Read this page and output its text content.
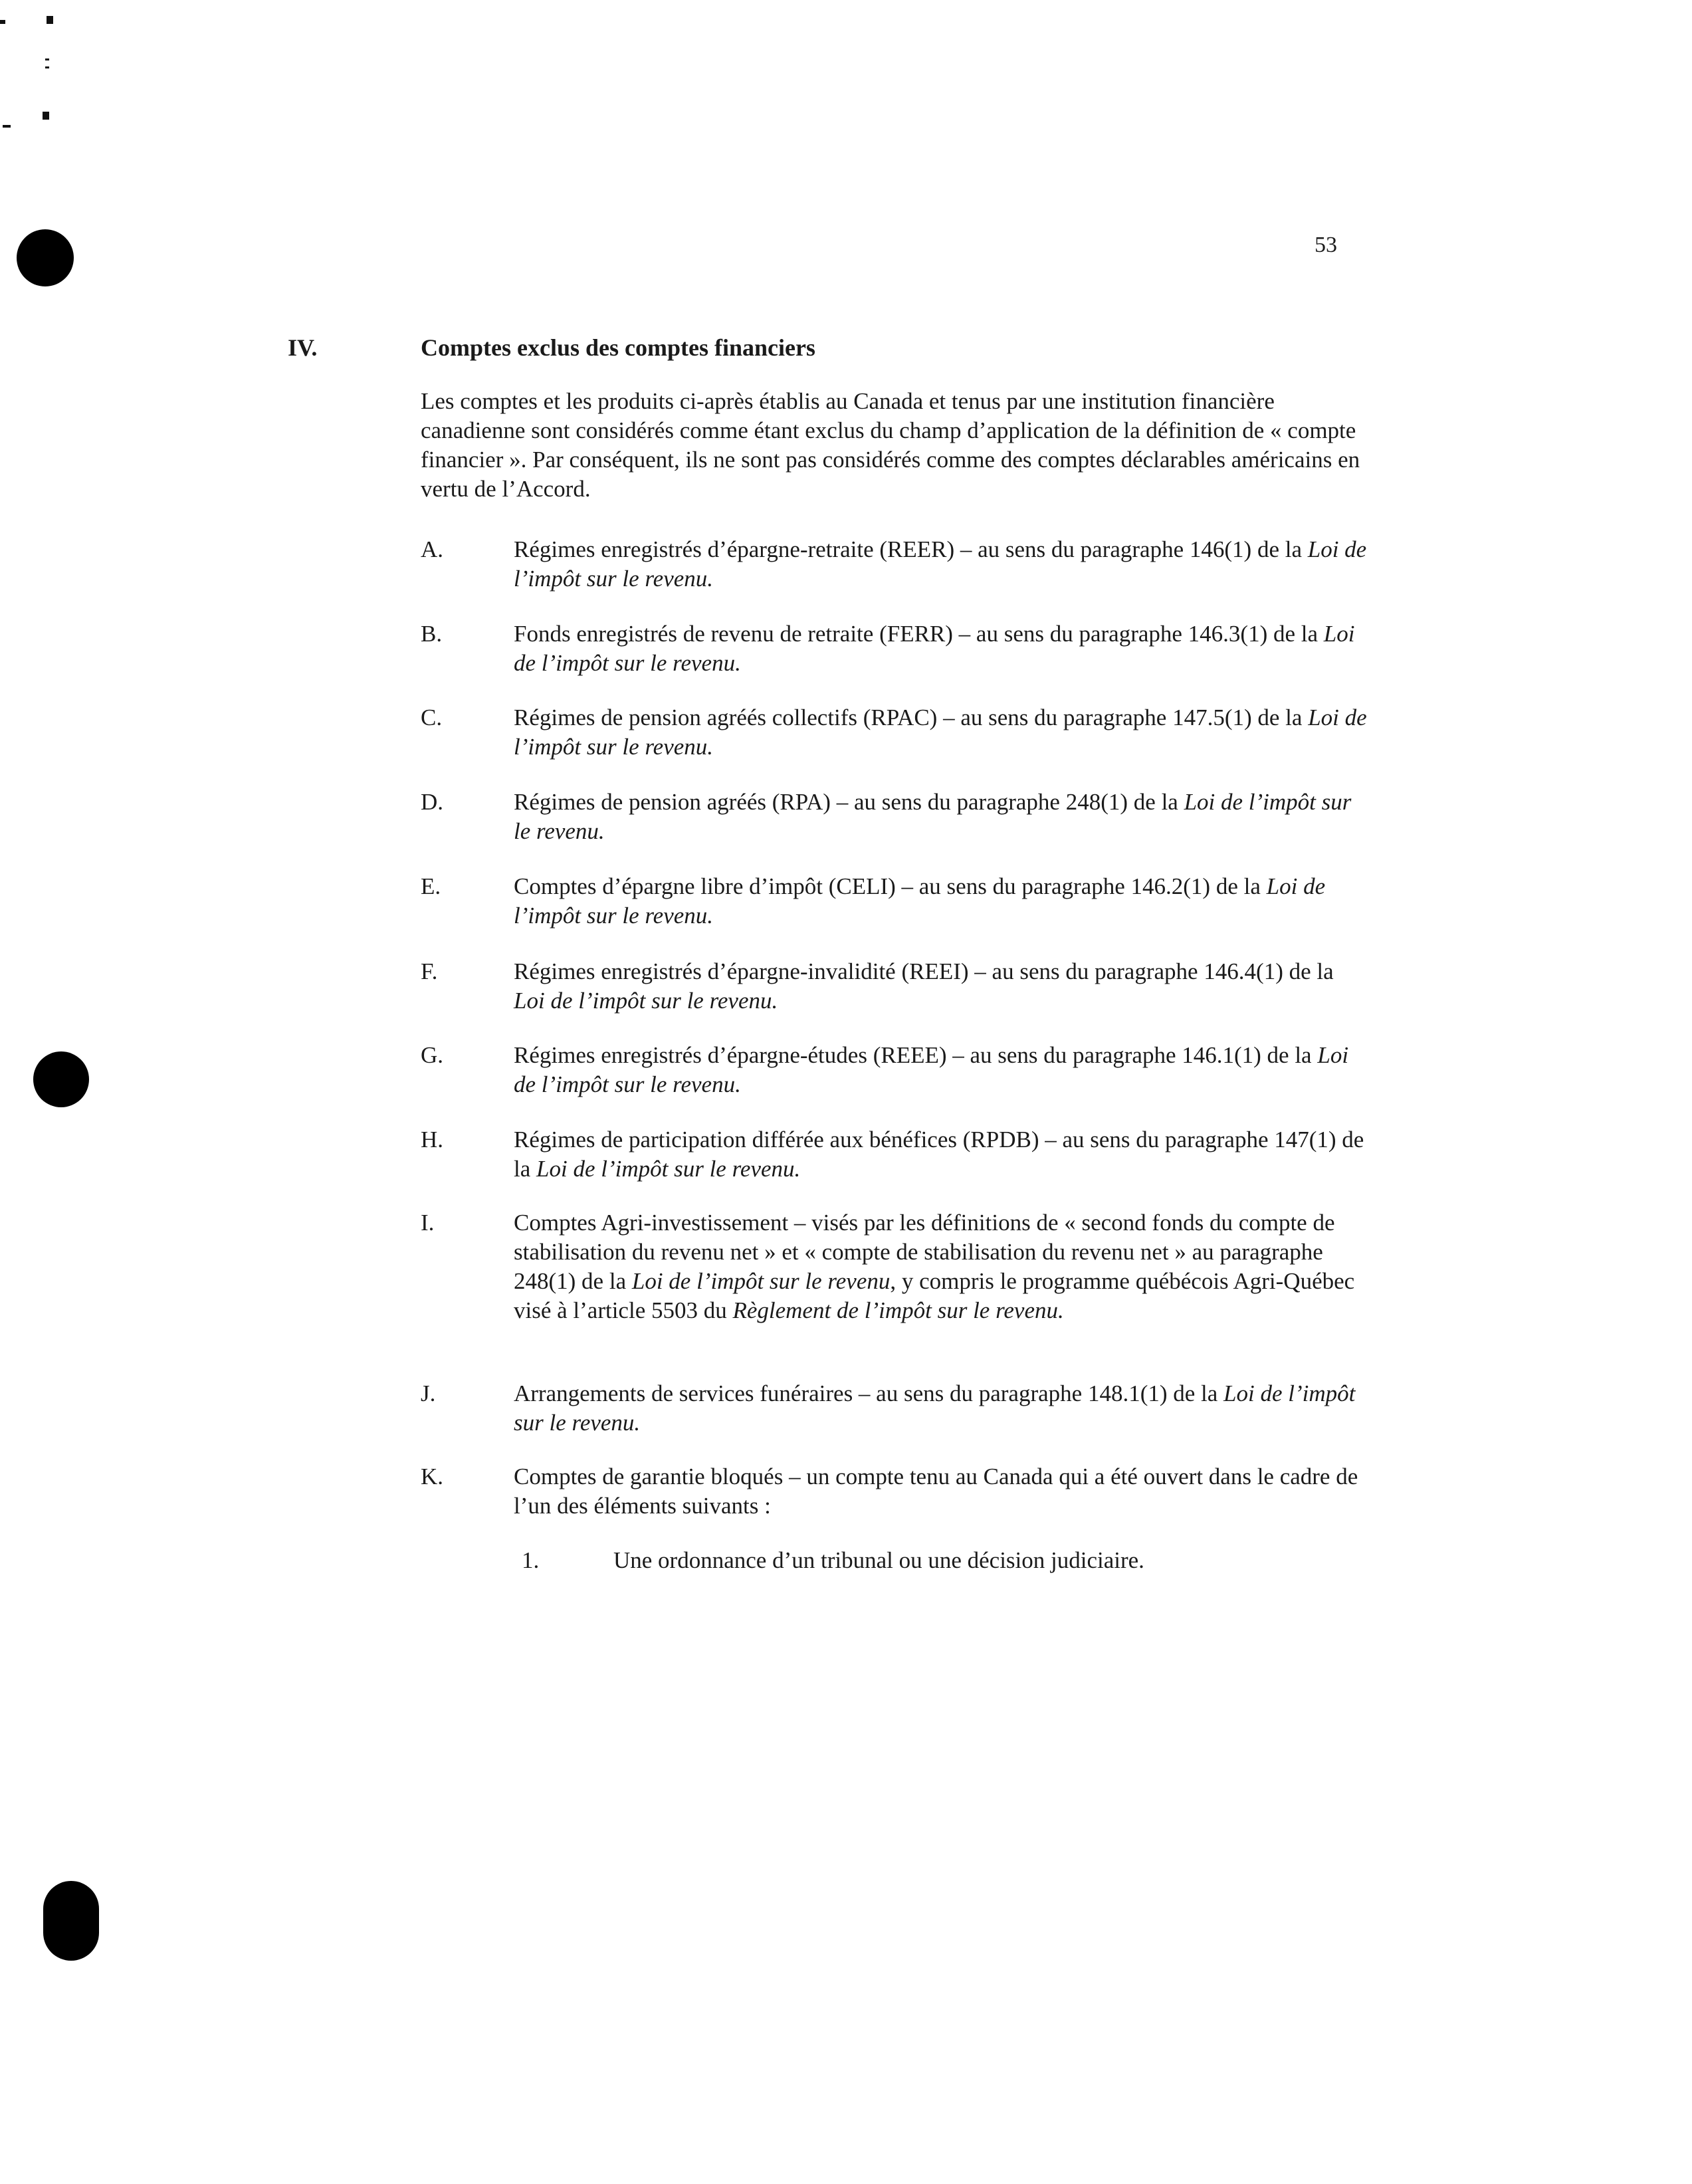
53
IV.	Comptes exclus des comptes financiers

Les comptes et les produits ci-après établis au Canada et tenus par une institution financière canadienne sont considérés comme étant exclus du champ d’application de la définition de « compte financier ». Par conséquent, ils ne sont pas considérés comme des comptes déclarables américains en vertu de l’Accord.

A.	Régimes enregistrés d’épargne-retraite (REER) – au sens du paragraphe 146(1) de la Loi de l’impôt sur le revenu.
B.	Fonds enregistrés de revenu de retraite (FERR) – au sens du paragraphe 146.3(1) de la Loi de l’impôt sur le revenu.
C.	Régimes de pension agréés collectifs (RPAC) – au sens du paragraphe 147.5(1) de la Loi de l’impôt sur le revenu.
D.	Régimes de pension agréés (RPA) – au sens du paragraphe 248(1) de la Loi de l’impôt sur le revenu.
E.	Comptes d’épargne libre d’impôt (CELI) – au sens du paragraphe 146.2(1) de la Loi de l’impôt sur le revenu.
F.	Régimes enregistrés d’épargne-invalidité (REEI) – au sens du paragraphe 146.4(1) de la Loi de l’impôt sur le revenu.
G.	Régimes enregistrés d’épargne-études (REEE) – au sens du paragraphe 146.1(1) de la Loi de l’impôt sur le revenu.
H.	Régimes de participation différée aux bénéfices (RPDB) – au sens du paragraphe 147(1) de la Loi de l’impôt sur le revenu.
I.	Comptes Agri-investissement – visés par les définitions de « second fonds du compte de stabilisation du revenu net » et « compte de stabilisation du revenu net » au paragraphe 248(1) de la Loi de l’impôt sur le revenu, y compris le programme québécois Agri-Québec visé à l’article 5503 du Règlement de l’impôt sur le revenu.
J.	Arrangements de services funéraires – au sens du paragraphe 148.1(1) de la Loi de l’impôt sur le revenu.
K.	Comptes de garantie bloqués – un compte tenu au Canada qui a été ouvert dans le cadre de l’un des éléments suivants :
1.	Une ordonnance d’un tribunal ou une décision judiciaire.
